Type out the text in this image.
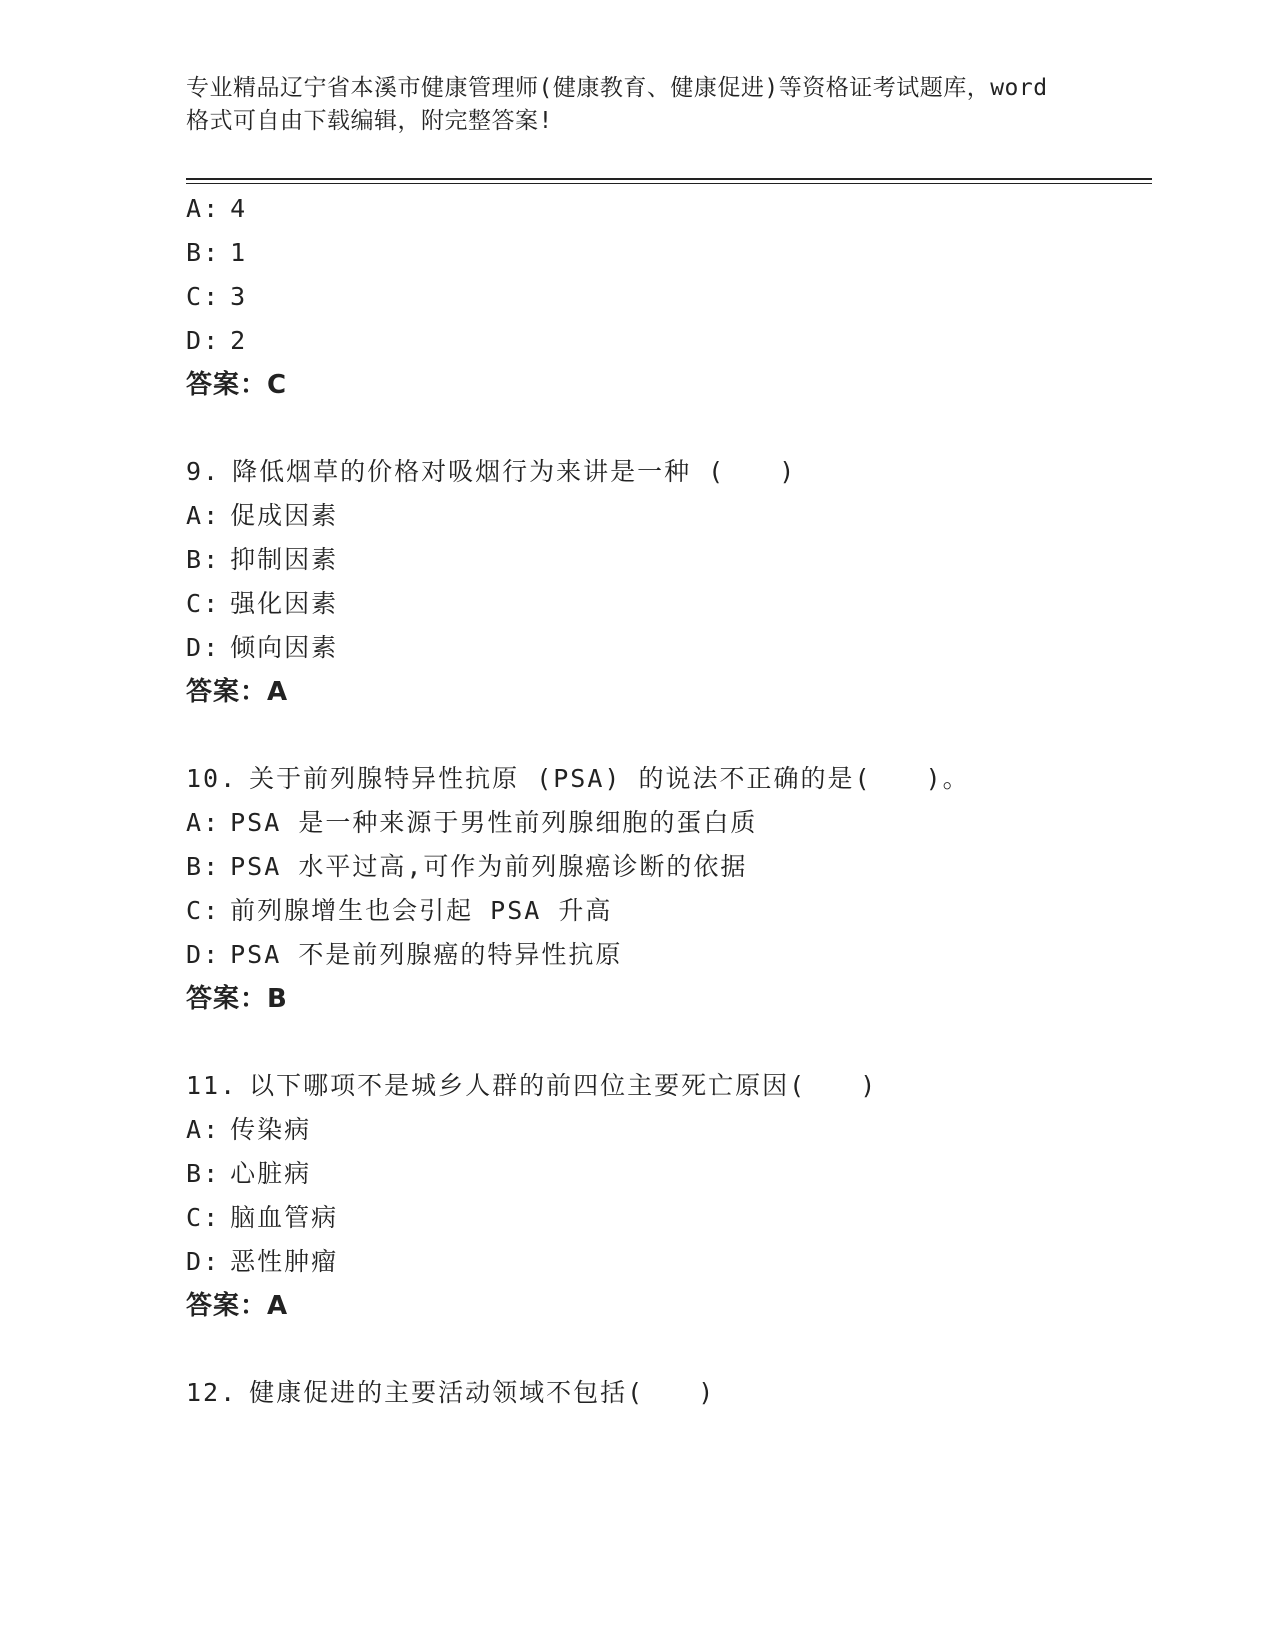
专业精品辽宁省本溪市健康管理师(健康教育、健康促进)等资格证考试题库，word
格式可自由下载编辑，附完整答案!
A: 4
B: 1
C: 3
D: 2
答案：C
9. 降低烟草的价格对吸烟行为来讲是一种 (　　)
A: 促成因素
B: 抑制因素
C: 强化因素
D: 倾向因素
答案：A
10. 关于前列腺特异性抗原 (PSA) 的说法不正确的是(　　)。
A: PSA 是一种来源于男性前列腺细胞的蛋白质
B: PSA 水平过高,可作为前列腺癌诊断的依据
C: 前列腺增生也会引起 PSA 升高
D: PSA 不是前列腺癌的特异性抗原
答案：B
11. 以下哪项不是城乡人群的前四位主要死亡原因(　　)
A: 传染病
B: 心脏病
C: 脑血管病
D: 恶性肿瘤
答案：A
12. 健康促进的主要活动领域不包括(　　)
